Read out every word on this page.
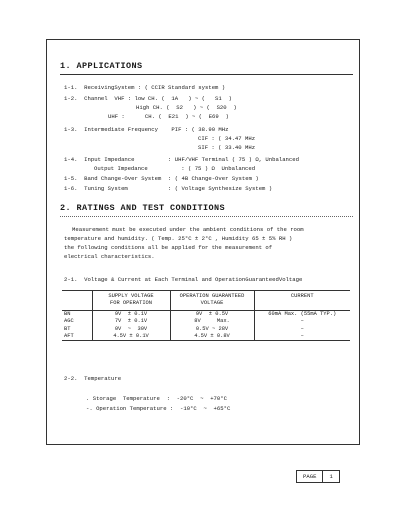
1. APPLICATIONS
1-1.  ReceivingSystem : ( CCIR Standard system )
1-2.  Channel  VHF : low CH. (  1A   ) ~ (   S1  )
High CH. (  S2   ) ~ (  S20  )
UHF :      CH. (  E21  ) ~ (  E69  )
1-3.  Intermediate Frequency    PIF : ( 38.90 MHz
CIF : ( 34.47 MHz
SIF : ( 33.40 MHz
1-4.  Input Impedance          : UHF/VHF Terminal ( 75 ) Ω, Unbalanced
Output Impedance          : ( 75 ) Ω  Unbalanced
1-5.  Band Change-Over System  : ( 4B Change-Over System )
1-6.  Tuning System            : ( Voltage Synthesize System )
2. RATINGS AND TEST CONDITIONS
Measurement must be executed under the ambient conditions of the room
temperature and humidity. ( Temp. 25°C ± 2°C , Humidity 65 ± 5% RH )
the following conditions all be applied for the measurement of
electrical characteristics.
2-1.  Voltage & Current at Each Terminal and OperationGuaranteedVoltage
	SUPPLY VOLTAGE	OPERATION GUARANTEED	CURRENT
	FOR OPERATION	VOLTAGE	
BN	9V  ± 0.1V	9V  ± 0.5V	60mA Max. (55mA TYP.)
AGC	7V  ± 0.1V	8V     Max.	–
BT	0V  ~  30V	0.5V ~ 28V	–
AFT	4.5V ± 0.1V	4.5V ± 0.8V	–
2-2.  Temperature
. Storage  Temperature  :  -20°C  ~  +70°C
-. Operation Temperature :  -10°C  ~  +65°C
PAGE	1
